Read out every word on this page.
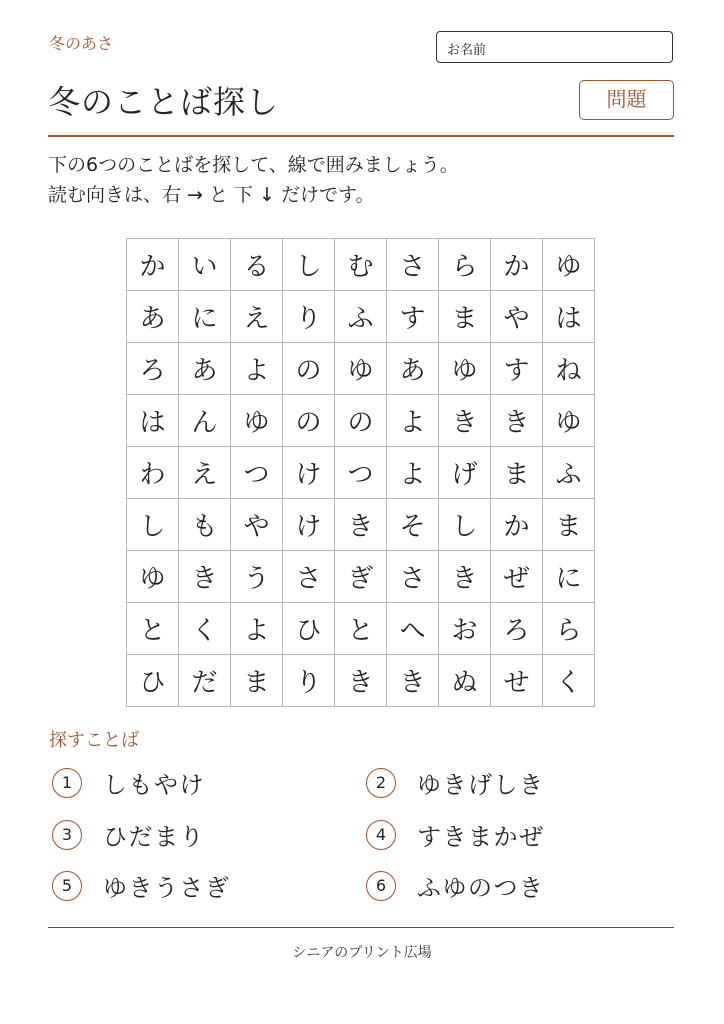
冬のあさ	お名前
冬のことば探し	問題
下の6つのことばを探して、線で囲みましょう。
読む向きは、右 → と 下 ↓ だけです。
か	い	る	し	む	さ	ら	か	ゆ
あ	に	え	り	ふ	す	ま	や	は
ろ	あ	よ	の	ゆ	あ	ゆ	す	ね
は	ん	ゆ	の	の	よ	き	き	ゆ
わ	え	つ	け	つ	よ	げ	ま	ふ
し	も	や	け	き	そ	し	か	ま
ゆ	き	う	さ	ぎ	さ	き	ぜ	に
と	く	よ	ひ	と	へ	お	ろ	ら
ひ	だ	ま	り	き	き	ぬ	せ	く
探すことば
1	しもやけ	2	ゆきげしき
3	ひだまり	4	すきまかぜ
5	ゆきうさぎ	6	ふゆのつき
シニアのプリント広場
